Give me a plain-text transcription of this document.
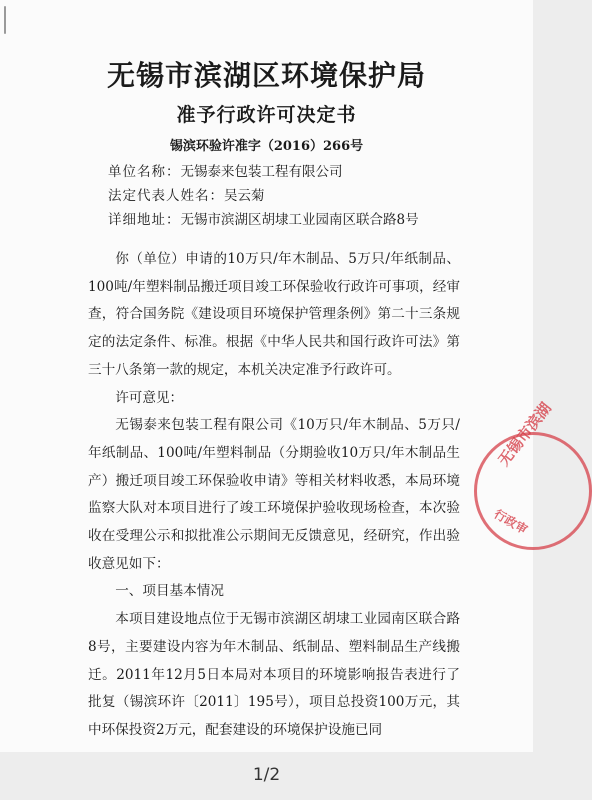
无锡市滨湖区环境保护局
准予行政许可决定书
锡滨环验许准字（2016）266号
单位名称：无锡泰来包装工程有限公司
法定代表人姓名：吴云菊
详细地址：无锡市滨湖区胡埭工业园南区联合路8号

你（单位）申请的10万只/年木制品、5万只/年纸制品、100吨/年塑料制品搬迁项目竣工环保验收行政许可事项，经审查，符合国务院《建设项目环境保护管理条例》第二十三条规定的法定条件、标准。根据《中华人民共和国行政许可法》第三十八条第一款的规定，本机关决定准予行政许可。

许可意见：

无锡泰来包装工程有限公司《10万只/年木制品、5万只/年纸制品、100吨/年塑料制品（分期验收10万只/年木制品生产）搬迁项目竣工环保验收申请》等相关材料收悉，本局环境监察大队对本项目进行了竣工环境保护验收现场检查，本次验收在受理公示和拟批准公示期间无反馈意见，经研究，作出验收意见如下：

一、项目基本情况

本项目建设地点位于无锡市滨湖区胡埭工业园南区联合路8号，主要建设内容为年木制品、纸制品、塑料制品生产线搬迁。2011年12月5日本局对本项目的环境影响报告表进行了批复（锡滨环许〔2011〕195号），项目总投资100万元，其中环保投资2万元，配套建设的环境保护设施已同

无锡市滨湖
行政审
1/2
